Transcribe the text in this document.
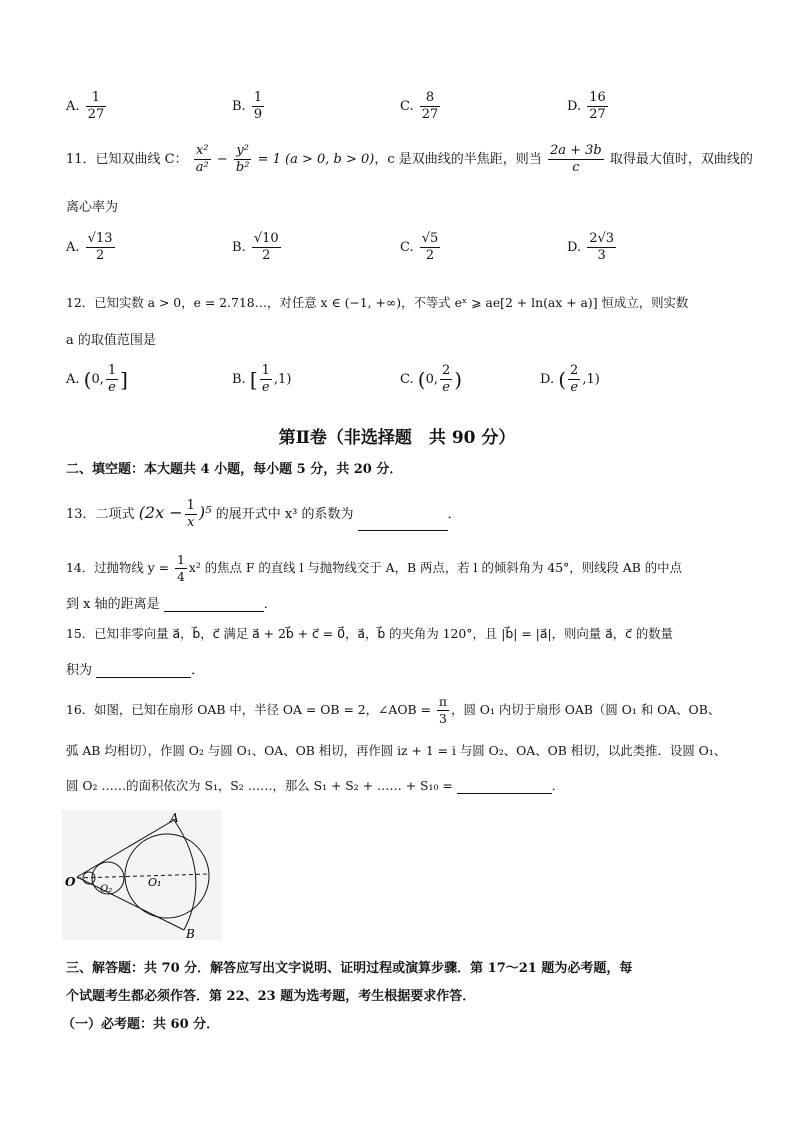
A. $\frac{1}{27}$	B. $\frac{1}{9}$	C. $\frac{8}{27}$	D. $\frac{16}{27}$
11．已知双曲线 C： $\frac{\text{x²}}{\text{a²}} - \frac{\text{y²}}{\text{b²}} = 1$ (a > 0, b > 0)，c 是双曲线的半焦距，则当 $\frac{2a + 3b}{c}$ 取得最大值时，双曲线的
离心率为
A. $\frac{√13}{2}$	B. $\frac{√10}{2}$	C. $\frac{√5}{2}$	D. $\frac{2√3}{3}$
12．已知实数 a > 0，e = 2.718…，对任意 x ∈ (−1, +∞)，不等式 eˣ ⩾ ae[2 + ln(ax + a)] 恒成立，则实数
a 的取值范围是
A. (0, $\frac{1}{e}$ ]	B. [ $\frac{1}{e} ,1$)	C. (0, $\frac{2}{e}$ )	D. ( $\frac{2}{e} ,1$)
第Ⅱ卷（非选择题　共 90 分）
二、填空题：本大题共 4 小题，每小题 5 分，共 20 分．
13．二项式 $(2x - \frac{1}{x} )^5$ 的展开式中 x³ 的系数为	．
14．过抛物线 $y = \frac{1}{4} x^2$ 的焦点 F 的直线 l 与抛物线交于 A，B 两点，若 l 的倾斜角为 45°，则线段 AB 的中点
到 x 轴的距离是	．
15．已知非零向量 a⃗，b⃗，c⃗ 满足 a⃗ + 2b⃗ + c⃗ = 0⃗，a⃗，b⃗ 的夹角为 120°，且 |b⃗| = |a⃗|，则向量 a⃗，c⃗ 的数量
积为	．
16．如图，已知在扇形 OAB 中，半径 OA = OB = 2，∠AOB = $\frac{\pi}{3}$ ，圆 O₁ 内切于扇形 OAB（圆 O₁ 和 OA、OB、
弧 AB 均相切），作圆 O₂ 与圆 O₁、OA、OB 相切，再作圆 iz + 1 = i 与圆 O₂、OA、OB 相切，以此类推．设圆 O₁、
圆 O₂ ……的面积依次为 S₁，S₂ ……，那么 S₁ + S₂ + …… + S₁₀ =	．
A
B
O	O₁
O₂
三、解答题：共 70 分．解答应写出文字说明、证明过程或演算步骤．第 17～21 题为必考题，每
个试题考生都必须作答．第 22、23 题为选考题，考生根据要求作答．
（一）必考题：共 60 分．
